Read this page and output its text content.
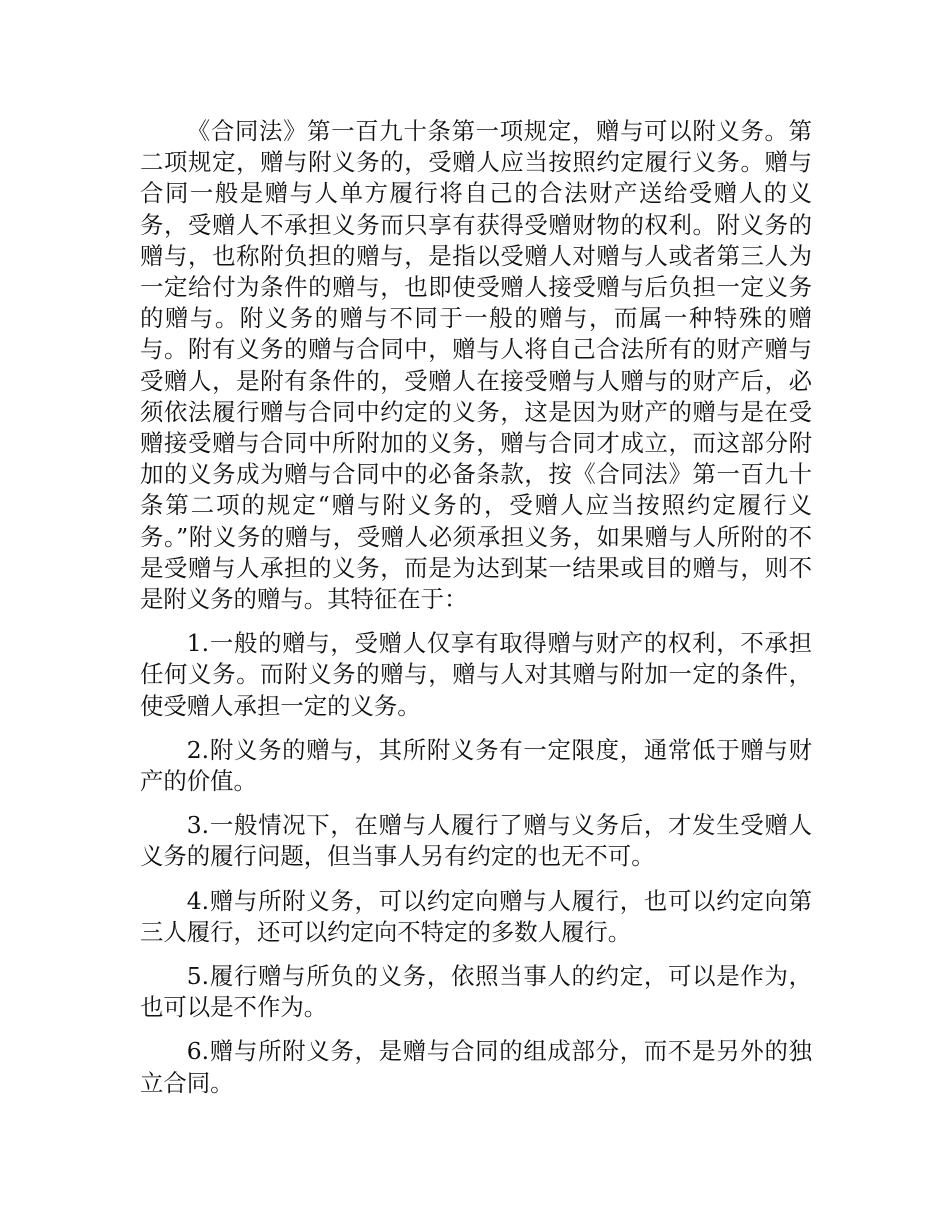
《合同法》第一百九十条第一项规定，赠与可以附义务。第二项规定，赠与附义务的，受赠人应当按照约定履行义务。赠与合同一般是赠与人单方履行将自己的合法财产送给受赠人的义务，受赠人不承担义务而只享有获得受赠财物的权利。附义务的赠与，也称附负担的赠与，是指以受赠人对赠与人或者第三人为一定给付为条件的赠与，也即使受赠人接受赠与后负担一定义务的赠与。附义务的赠与不同于一般的赠与，而属一种特殊的赠与。附有义务的赠与合同中，赠与人将自己合法所有的财产赠与受赠人，是附有条件的，受赠人在接受赠与人赠与的财产后，必须依法履行赠与合同中约定的义务，这是因为财产的赠与是在受赠接受赠与合同中所附加的义务，赠与合同才成立，而这部分附加的义务成为赠与合同中的必备条款，按《合同法》第一百九十条第二项的规定“赠与附义务的，受赠人应当按照约定履行义务。”附义务的赠与，受赠人必须承担义务，如果赠与人所附的不是受赠与人承担的义务，而是为达到某一结果或目的赠与，则不是附义务的赠与。其特征在于：

1.一般的赠与，受赠人仅享有取得赠与财产的权利，不承担任何义务。而附义务的赠与，赠与人对其赠与附加一定的条件，使受赠人承担一定的义务。

2.附义务的赠与，其所附义务有一定限度，通常低于赠与财产的价值。

3.一般情况下，在赠与人履行了赠与义务后，才发生受赠人义务的履行问题，但当事人另有约定的也无不可。

4.赠与所附义务，可以约定向赠与人履行，也可以约定向第三人履行，还可以约定向不特定的多数人履行。

5.履行赠与所负的义务，依照当事人的约定，可以是作为，也可以是不作为。

6.赠与所附义务，是赠与合同的组成部分，而不是另外的独立合同。
